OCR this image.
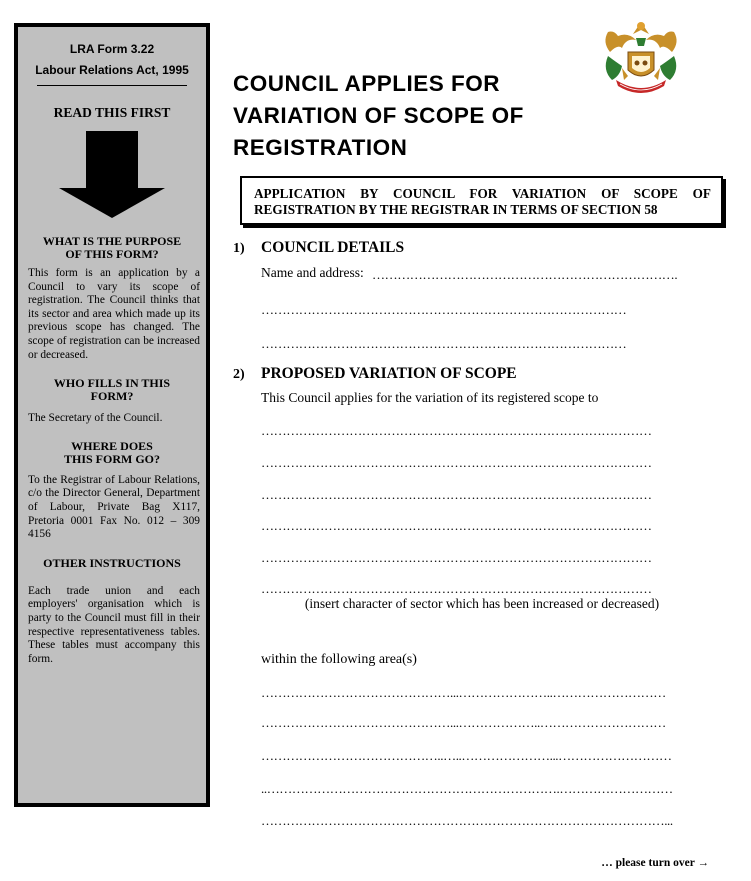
LRA Form 3.22
Labour Relations Act, 1995
READ THIS FIRST
WHAT IS THE PURPOSE OF THIS FORM?
This form is an application by a Council to vary its scope of registration. The Council thinks that its sector and area which made up its previous scope has changed. The scope of registration can be increased or decreased.
WHO FILLS IN THIS FORM?
The Secretary of the Council.
WHERE DOES THIS FORM GO?
To the Registrar of Labour Relations, c/o the Director General, Department of Labour, Private Bag X117, Pretoria 0001 Fax No. 012 – 309 4156
OTHER INSTRUCTIONS
Each trade union and each employers' organisation which is party to the Council must fill in their respective representativeness tables. These tables must accompany this form.
COUNCIL APPLIES FOR
VARIATION OF SCOPE OF
REGISTRATION
APPLICATION BY COUNCIL FOR VARIATION OF SCOPE OF REGISTRATION BY THE REGISTRAR IN TERMS OF SECTION 58
1) COUNCIL DETAILS
Name and address: ……………………………………………………………….
……………………………………………………………………………
……………………………………………………………………………
2) PROPOSED VARIATION OF SCOPE
This Council applies for the variation of its registered scope to
…………………………………………………………………………………
…………………………………………………………………………………
…………………………………………………………………………………
…………………………………………………………………………………
…………………………………………………………………………………
…………………………………………………………………………………
(insert character of sector which has been increased or decreased)
within the following area(s)
………………………………………...…………………..………………………
………………………………………...………………..…………………………
……………………………………..…..…………………...………………………
..…………………………………………………………….………………………
……………………………………………………………………………………...
… please turn over →
